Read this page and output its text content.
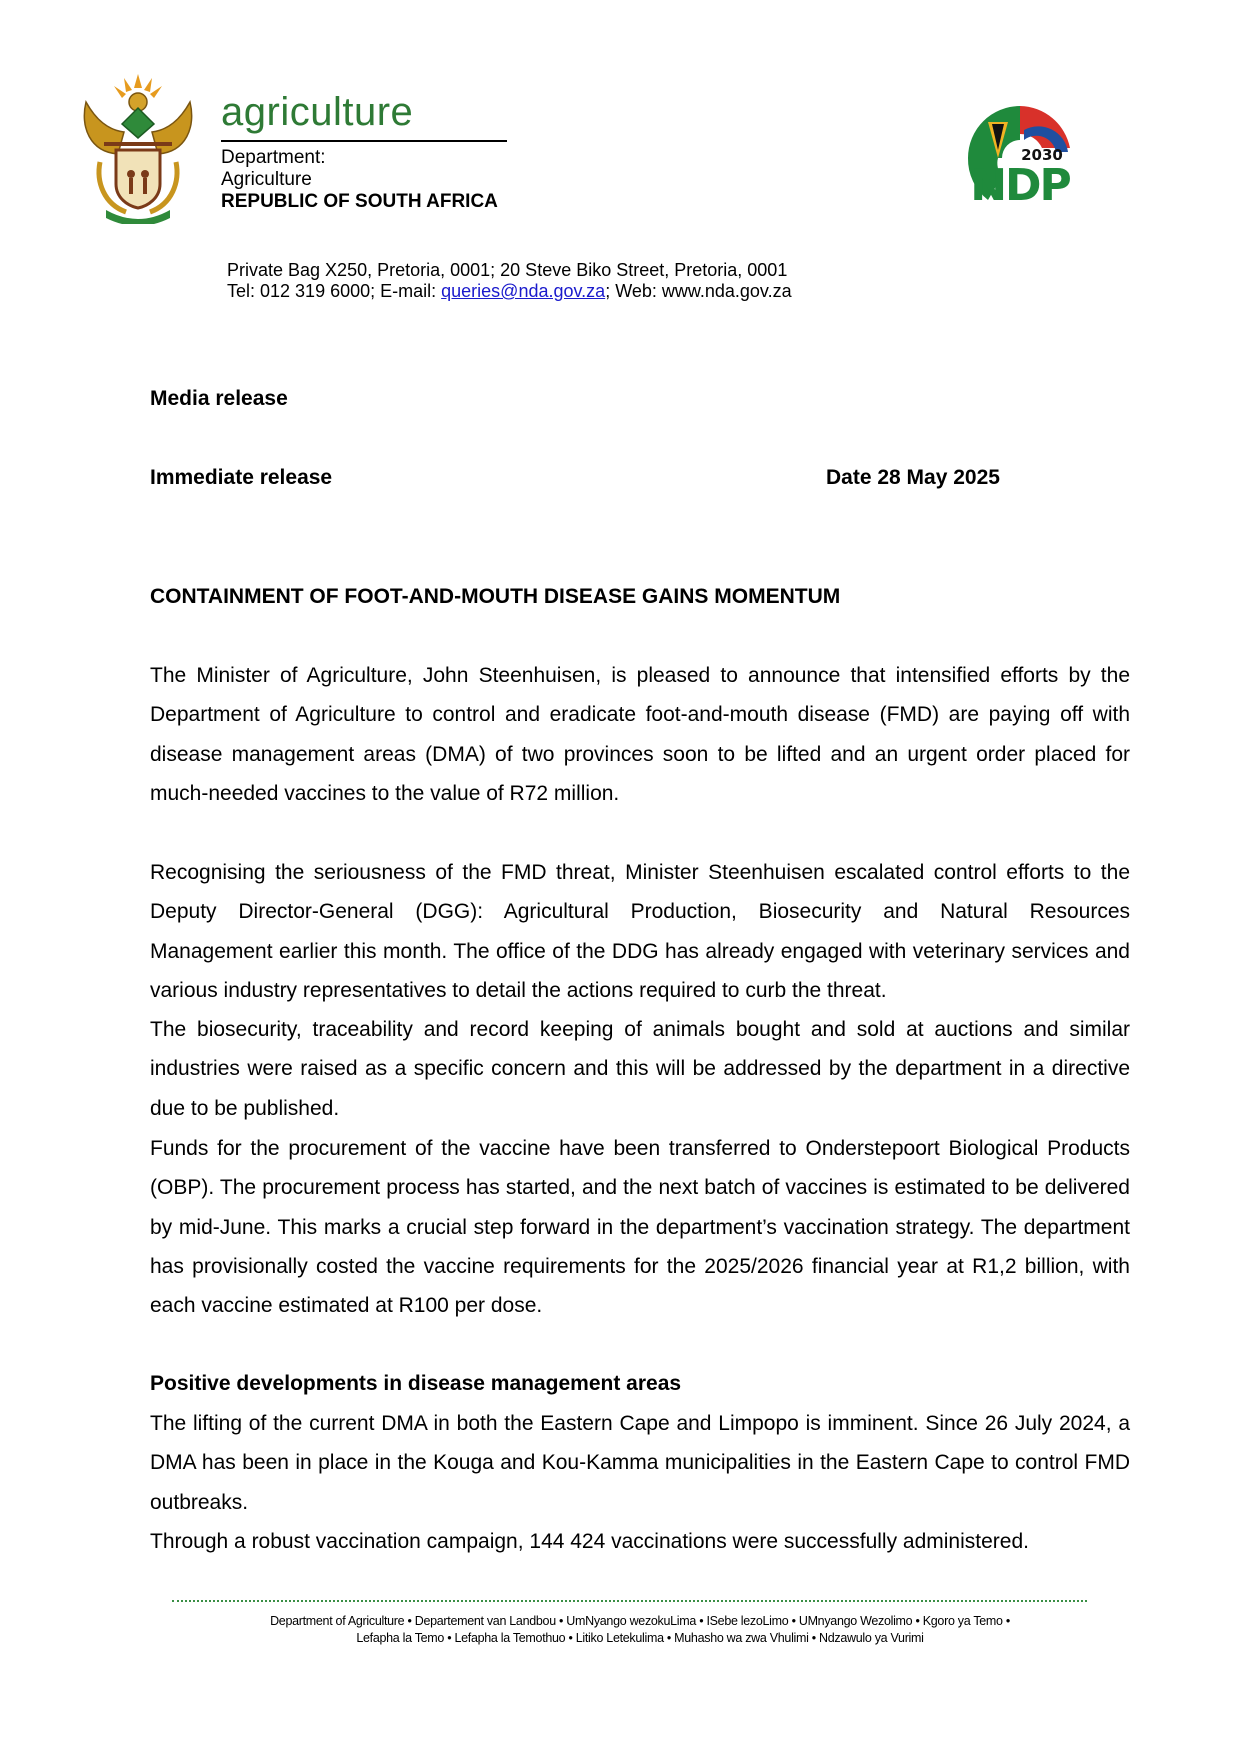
agriculture
Department:
Agriculture
REPUBLIC OF SOUTH AFRICA
2030
NDP
Private Bag X250, Pretoria, 0001; 20 Steve Biko Street, Pretoria, 0001
Tel: 012 319 6000; E-mail: queries@nda.gov.za; Web: www.nda.gov.za
Media release
Immediate release	Date 28 May 2025
CONTAINMENT OF FOOT-AND-MOUTH DISEASE GAINS MOMENTUM

The Minister of Agriculture, John Steenhuisen, is pleased to announce that intensified efforts by the Department of Agriculture to control and eradicate foot-and-mouth disease (FMD) are paying off with disease management areas (DMA) of two provinces soon to be lifted and an urgent order placed for much-needed vaccines to the value of R72 million.

Recognising the seriousness of the FMD threat, Minister Steenhuisen escalated control efforts to the Deputy Director-General (DGG): Agricultural Production, Biosecurity and Natural Resources Management earlier this month. The office of the DDG has already engaged with veterinary services and various industry representatives to detail the actions required to curb the threat.

The biosecurity, traceability and record keeping of animals bought and sold at auctions and similar industries were raised as a specific concern and this will be addressed by the department in a directive due to be published.

Funds for the procurement of the vaccine have been transferred to Onderstepoort Biological Products (OBP). The procurement process has started, and the next batch of vaccines is estimated to be delivered by mid-June. This marks a crucial step forward in the department’s vaccination strategy. The department has provisionally costed the vaccine requirements for the 2025/2026 financial year at R1,2 billion, with each vaccine estimated at R100 per dose.

Positive developments in disease management areas

The lifting of the current DMA in both the Eastern Cape and Limpopo is imminent. Since 26 July 2024, a DMA has been in place in the Kouga and Kou-Kamma municipalities in the Eastern Cape to control FMD outbreaks.

Through a robust vaccination campaign, 144 424 vaccinations were successfully administered.

Department of Agriculture • Departement van Landbou • UmNyango wezokuLima • ISebe lezoLimo • UMnyango Wezolimo • Kgoro ya Temo •
Lefapha la Temo • Lefapha la Temothuo • Litiko Letekulima • Muhasho wa zwa Vhulimi • Ndzawulo ya Vurimi
